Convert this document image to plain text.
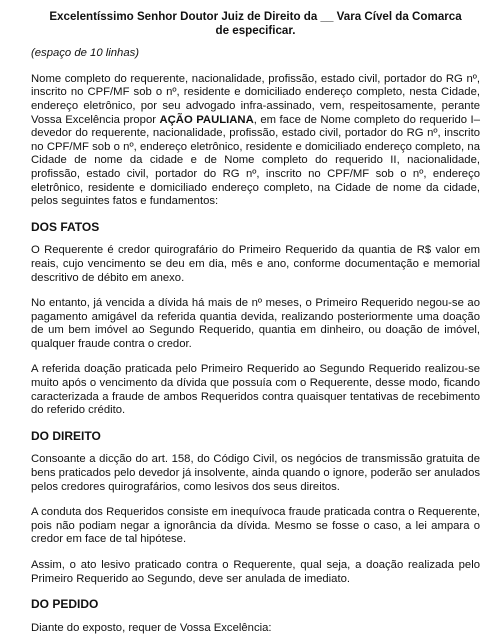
Excelentíssimo Senhor Doutor Juiz de Direito da __ Vara Cível da Comarca
de especificar.
(espaço de 10 linhas)

Nome completo do requerente, nacionalidade, profissão, estado civil, portador do RG nº, inscrito no CPF/MF sob o nº, residente e domiciliado endereço completo, nesta Cidade, endereço eletrônico, por seu advogado infra-assinado, vem, respeitosamente, perante Vossa Excelência propor AÇÃO PAULIANA, em face de Nome completo do requerido I–devedor do requerente, nacionalidade, profissão, estado civil, portador do RG nº, inscrito no CPF/MF sob o nº, endereço eletrônico, residente e domiciliado endereço completo, na Cidade de nome da cidade e de Nome completo do requerido II, nacionalidade, profissão, estado civil, portador do RG nº, inscrito no CPF/MF sob o nº, endereço eletrônico, residente e domiciliado endereço completo, na Cidade de nome da cidade, pelos seguintes fatos e fundamentos:

DOS FATOS

O Requerente é credor quirografário do Primeiro Requerido da quantia de R$ valor em reais, cujo vencimento se deu em dia, mês e ano, conforme documentação e memorial descritivo de débito em anexo.

No entanto, já vencida a dívida há mais de nº meses, o Primeiro Requerido negou-se ao pagamento amigável da referida quantia devida, realizando posteriormente uma doação de um bem imóvel ao Segundo Requerido, quantia em dinheiro, ou doação de imóvel, qualquer fraude contra o credor.

A referida doação praticada pelo Primeiro Requerido ao Segundo Requerido realizou-se muito após o vencimento da dívida que possuía com o Requerente, desse modo, ficando caracterizada a fraude de ambos Requeridos contra quaisquer tentativas de recebimento do referido crédito.

DO DIREITO

Consoante a dicção do art. 158, do Código Civil, os negócios de transmissão gratuita de bens praticados pelo devedor já insolvente, ainda quando o ignore, poderão ser anulados pelos credores quirografários, como lesivos dos seus direitos.

A conduta dos Requeridos consiste em inequívoca fraude praticada contra o Requerente, pois não podiam negar a ignorância da dívida. Mesmo se fosse o caso, a lei ampara o credor em face de tal hipótese.

Assim, o ato lesivo praticado contra o Requerente, qual seja, a doação realizada pelo Primeiro Requerido ao Segundo, deve ser anulada de imediato.

DO PEDIDO

Diante do exposto, requer de Vossa Excelência:
